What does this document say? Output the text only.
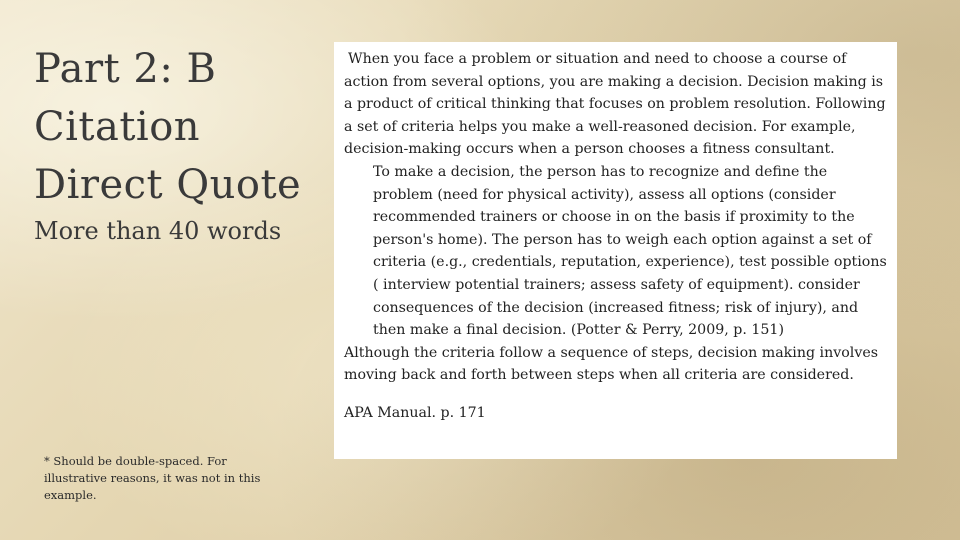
Part 2: B
Citation
Direct Quote
More than 40 words

When you face a problem or situation and need to choose a course of action from several options, you are making a decision. Decision making is a product of critical thinking that focuses on problem resolution. Following a set of criteria helps you make a well-reasoned decision. For example, decision-making occurs when a person chooses a fitness consultant.

To make a decision, the person has to recognize and define the problem (need for physical activity), assess all options (consider recommended trainers or choose in on the basis if proximity to the person's home). The person has to weigh each option against a set of criteria (e.g., credentials, reputation, experience), test possible options ( interview potential trainers; assess safety of equipment). consider consequences of the decision (increased fitness; risk of injury), and then make a final decision. (Potter & Perry, 2009, p. 151)

Although the criteria follow a sequence of steps, decision making involves moving back and forth between steps when all criteria are considered.

APA Manual. p. 171

* Should be double-spaced. For illustrative reasons, it was not in this example.
